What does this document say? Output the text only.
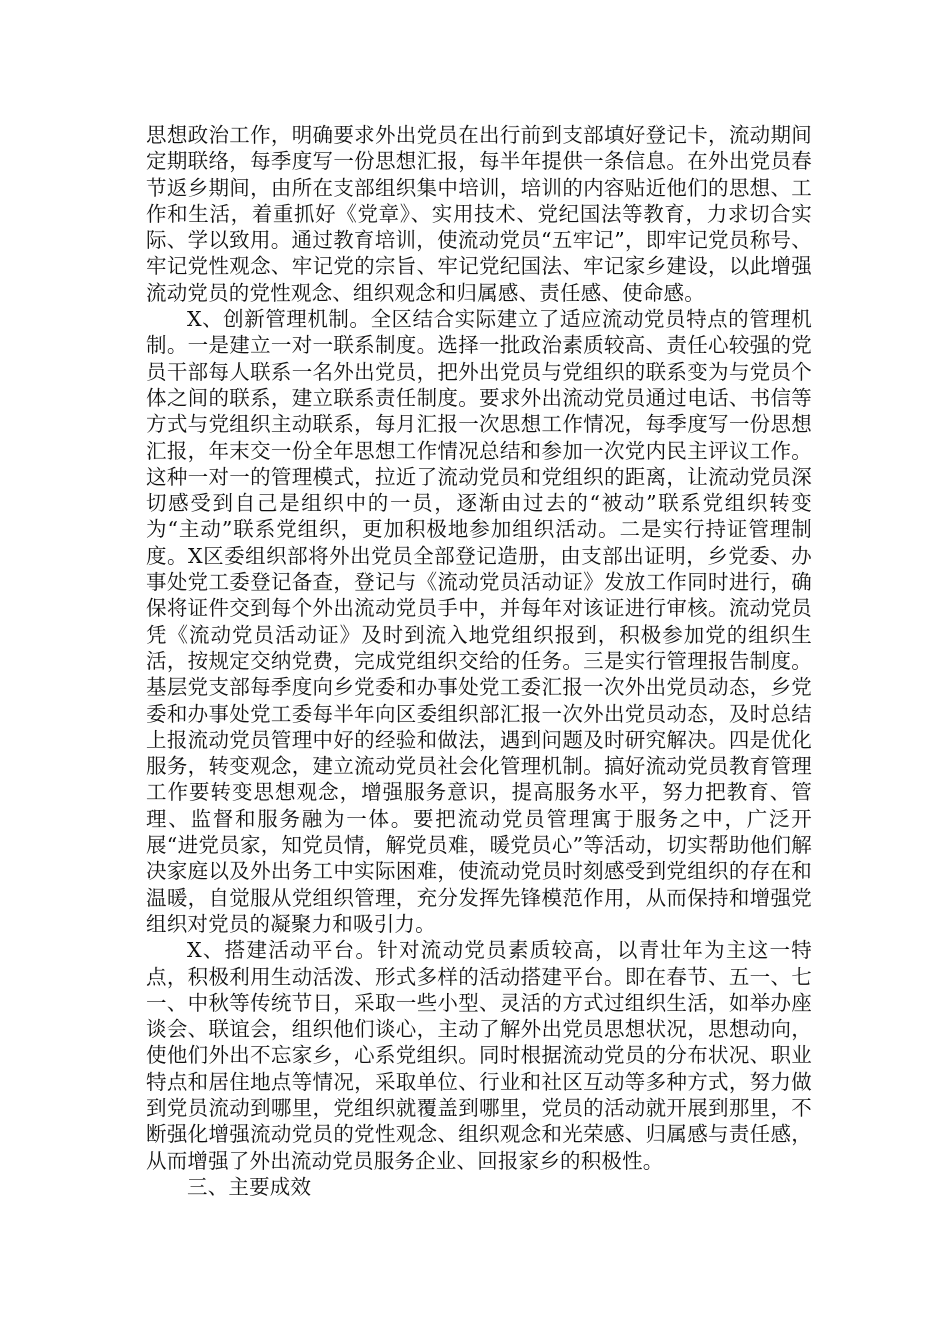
思想政治工作，明确要求外出党员在出行前到支部填好登记卡，流动期间定期联络，每季度写一份思想汇报，每半年提供一条信息。在外出党员春节返乡期间，由所在支部组织集中培训，培训的内容贴近他们的思想、工作和生活，着重抓好《党章》、实用技术、党纪国法等教育，力求切合实际、学以致用。通过教育培训，使流动党员“五牢记”，即牢记党员称号、牢记党性观念、牢记党的宗旨、牢记党纪国法、牢记家乡建设，以此增强流动党员的党性观念、组织观念和归属感、责任感、使命感。

X、创新管理机制。全区结合实际建立了适应流动党员特点的管理机制。一是建立一对一联系制度。选择一批政治素质较高、责任心较强的党员干部每人联系一名外出党员，把外出党员与党组织的联系变为与党员个体之间的联系，建立联系责任制度。要求外出流动党员通过电话、书信等方式与党组织主动联系，每月汇报一次思想工作情况，每季度写一份思想汇报，年末交一份全年思想工作情况总结和参加一次党内民主评议工作。这种一对一的管理模式，拉近了流动党员和党组织的距离，让流动党员深切感受到自己是组织中的一员，逐渐由过去的“被动”联系党组织转变为“主动”联系党组织，更加积极地参加组织活动。二是实行持证管理制度。X区委组织部将外出党员全部登记造册，由支部出证明，乡党委、办事处党工委登记备查，登记与《流动党员活动证》发放工作同时进行，确保将证件交到每个外出流动党员手中，并每年对该证进行审核。流动党员凭《流动党员活动证》及时到流入地党组织报到，积极参加党的组织生活，按规定交纳党费，完成党组织交给的任务。三是实行管理报告制度。基层党支部每季度向乡党委和办事处党工委汇报一次外出党员动态，乡党委和办事处党工委每半年向区委组织部汇报一次外出党员动态，及时总结上报流动党员管理中好的经验和做法，遇到问题及时研究解决。四是优化服务，转变观念，建立流动党员社会化管理机制。搞好流动党员教育管理工作要转变思想观念，增强服务意识，提高服务水平，努力把教育、管理、监督和服务融为一体。要把流动党员管理寓于服务之中，广泛开展“进党员家，知党员情，解党员难，暖党员心”等活动，切实帮助他们解决家庭以及外出务工中实际困难，使流动党员时刻感受到党组织的存在和温暖，自觉服从党组织管理，充分发挥先锋模范作用，从而保持和增强党组织对党员的凝聚力和吸引力。

X、搭建活动平台。针对流动党员素质较高，以青壮年为主这一特点，积极利用生动活泼、形式多样的活动搭建平台。即在春节、五一、七一、中秋等传统节日，采取一些小型、灵活的方式过组织生活，如举办座谈会、联谊会，组织他们谈心，主动了解外出党员思想状况，思想动向，使他们外出不忘家乡，心系党组织。同时根据流动党员的分布状况、职业特点和居住地点等情况，采取单位、行业和社区互动等多种方式，努力做到党员流动到哪里，党组织就覆盖到哪里，党员的活动就开展到那里，不断强化增强流动党员的党性观念、组织观念和光荣感、归属感与责任感，从而增强了外出流动党员服务企业、回报家乡的积极性。

三、主要成效
